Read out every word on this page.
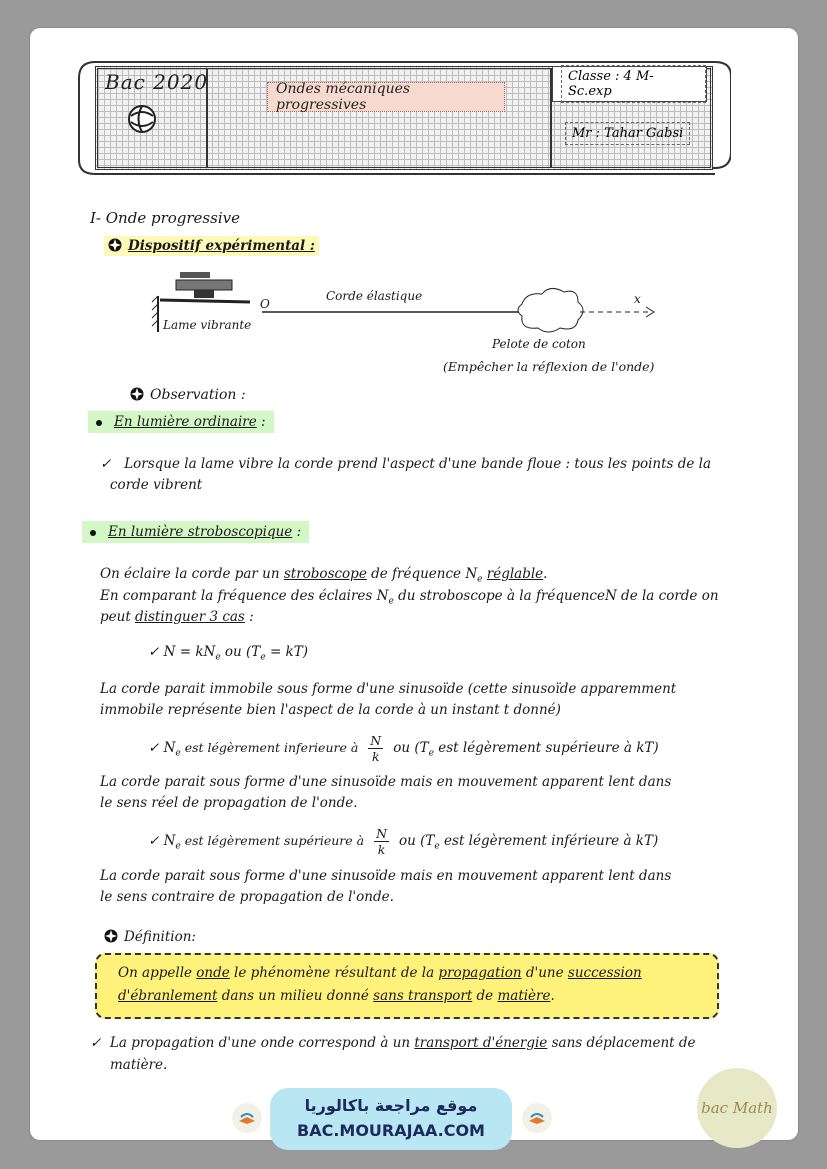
Bac 2020	Ondes mécaniques progressives
Classe : 4 M- Sc.exp
Mr : Tahar Gabsi
I- Onde progressive
Dispositif expérimental :
O
Corde élastique	x
Lame vibrante
Pelote de coton
(Empêcher la réflexion de l'onde)
Observation :
En lumière ordinaire :
✓ Lorsque la lame vibre la corde prend l'aspect d'une bande floue : tous les points de la
corde vibrent
En lumière stroboscopique :
On éclaire la corde par un stroboscope de fréquence $N_e$ réglable.
En comparant la fréquence des éclaires $N_e$ du stroboscope à la fréquenceN de la corde on
peut distinguer 3 cas :
✓ $N = kN_e$ ou $(T_e = kT)$
La corde parait immobile sous forme d'une sinusoïde (cette sinusoïde apparemment
immobile représente bien l'aspect de la corde à un instant t donné)
✓ $N_e$ est légèrement inferieure à $\frac{N}{k}$ ou ($T_e$ est légèrement supérieure à kT)
La corde parait sous forme d'une sinusoïde mais en mouvement apparent lent dans
le sens réel de propagation de l'onde.
✓ $N_e$ est légèrement supérieure à $\frac{N}{k}$ ou ($T_e$ est légèrement inférieure à kT)
La corde parait sous forme d'une sinusoïde mais en mouvement apparent lent dans
le sens contraire de propagation de l'onde.
Définition:
On appelle onde le phénomène résultant de la propagation d'une succession
d'ébranlement dans un milieu donné sans transport de matière.
✓ La propagation d'une onde correspond à un transport d'énergie sans déplacement de
matière.
موقع مراجعة باكالوريا
BAC.MOURAJAA.COM
bac Math
